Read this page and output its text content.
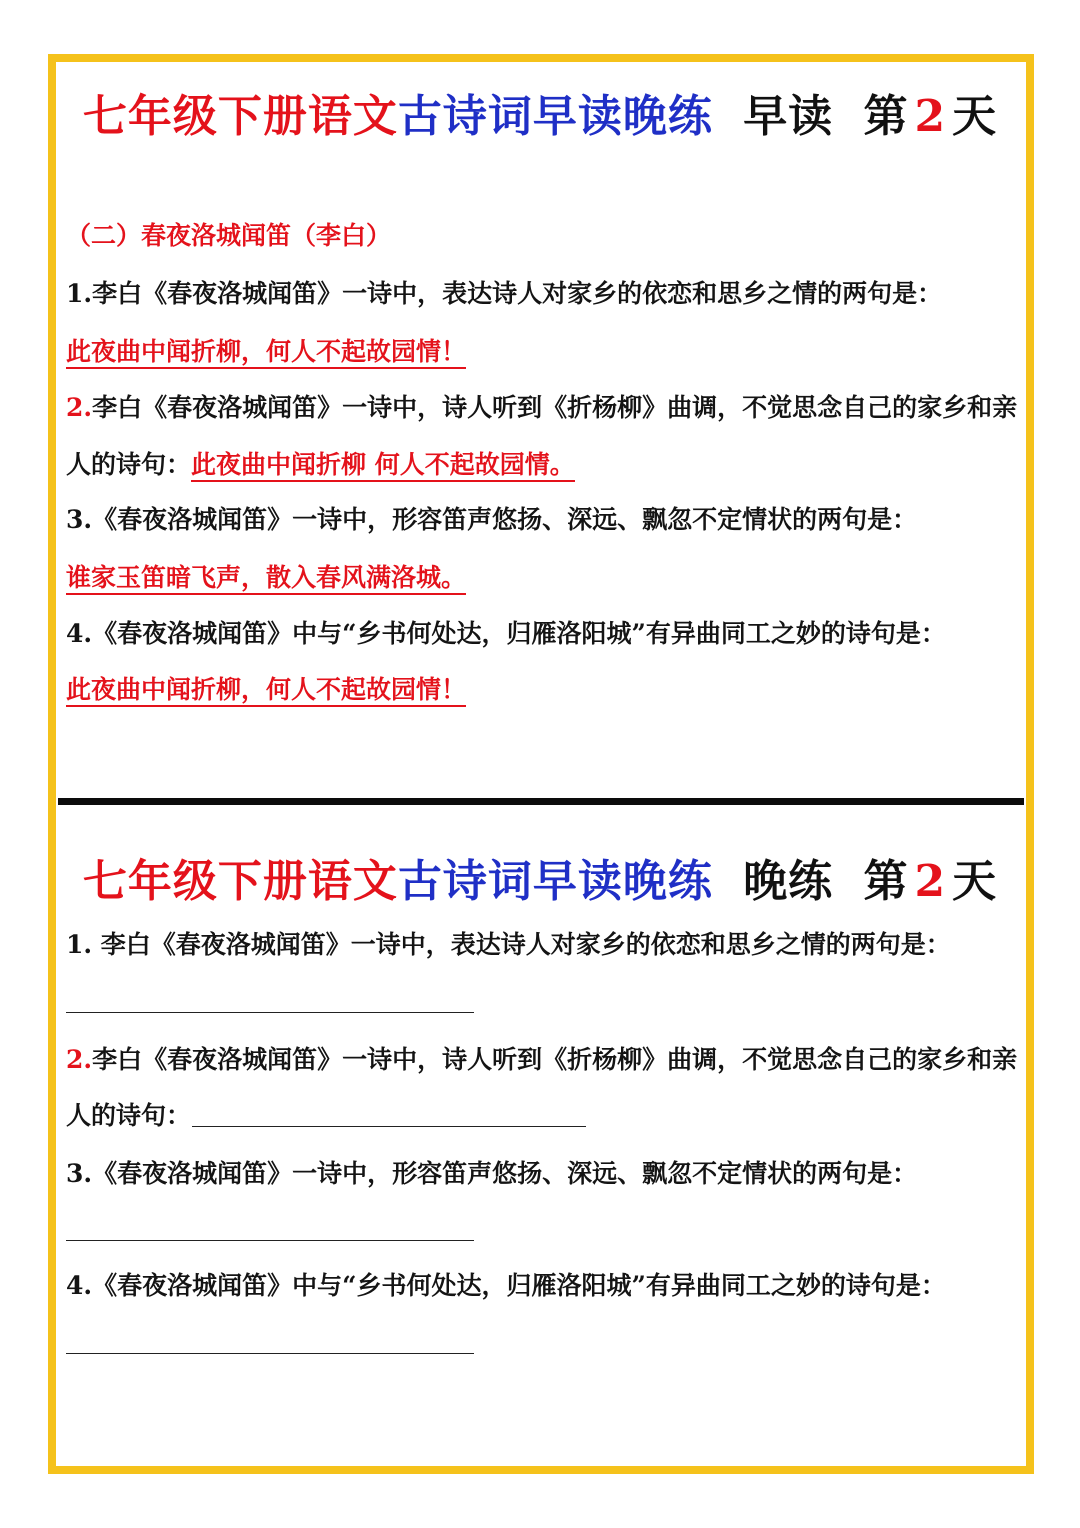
七年级下册语文古诗词早读晚练 早读 第 2 天
（二）春夜洛城闻笛（李白）
1.李白《春夜洛城闻笛》一诗中，表达诗人对家乡的依恋和思乡之情的两句是：
此夜曲中闻折柳，何人不起故园情！
2.李白《春夜洛城闻笛》一诗中，诗人听到《折杨柳》曲调，不觉思念自己的家乡和亲
人的诗句：此夜曲中闻折柳 何人不起故园情。
3.《春夜洛城闻笛》一诗中，形容笛声悠扬、深远、飘忽不定情状的两句是：
谁家玉笛暗飞声，散入春风满洛城。
4.《春夜洛城闻笛》中与“乡书何处达，归雁洛阳城”有异曲同工之妙的诗句是：
此夜曲中闻折柳，何人不起故园情！
七年级下册语文古诗词早读晚练 晚练 第 2 天
1. 李白《春夜洛城闻笛》一诗中，表达诗人对家乡的依恋和思乡之情的两句是：
2.李白《春夜洛城闻笛》一诗中，诗人听到《折杨柳》曲调，不觉思念自己的家乡和亲
人的诗句：
3.《春夜洛城闻笛》一诗中，形容笛声悠扬、深远、飘忽不定情状的两句是：
4.《春夜洛城闻笛》中与“乡书何处达，归雁洛阳城”有异曲同工之妙的诗句是：
